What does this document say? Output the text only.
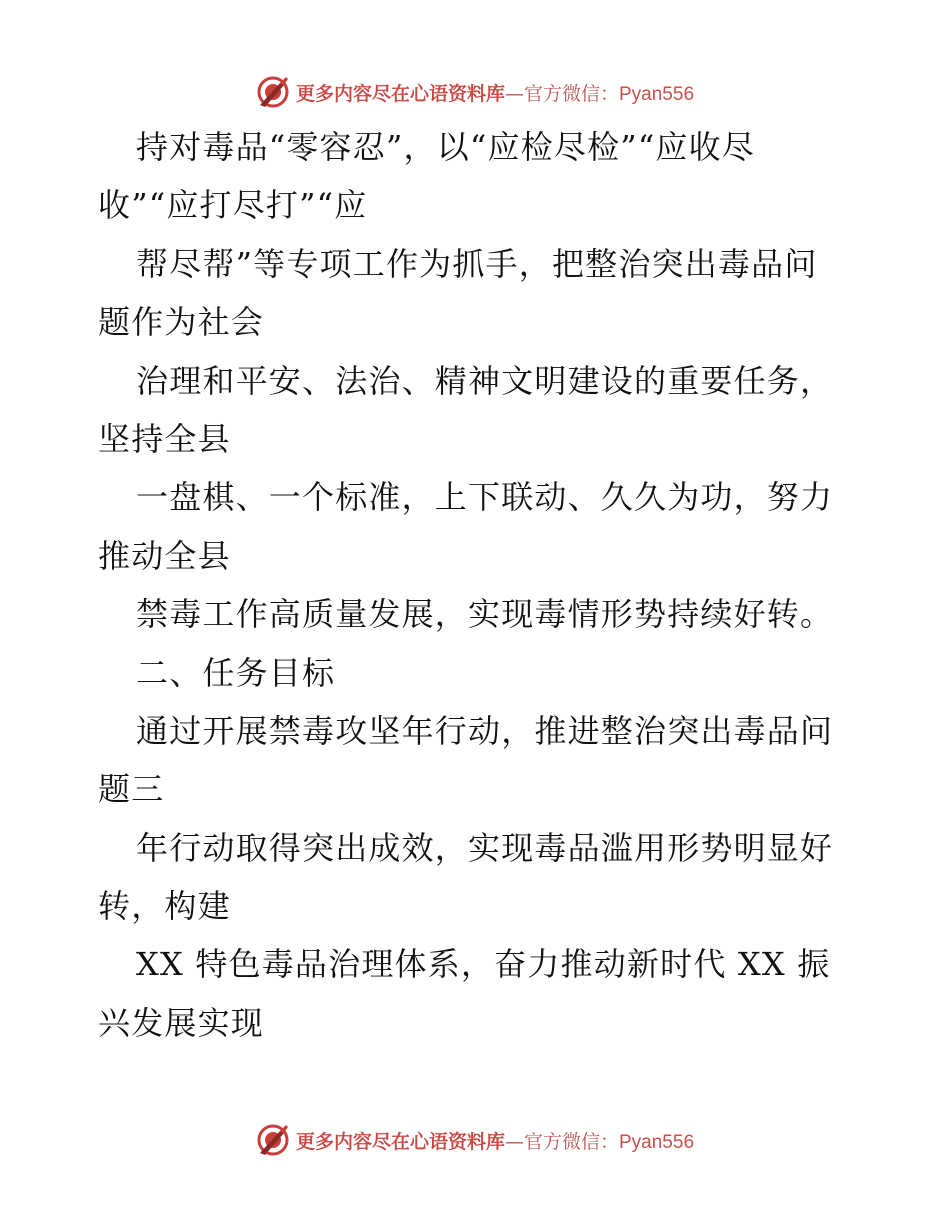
更多内容尽在心语资料库—官方微信：Pyan556
持对毒品“零容忍”，以“应检尽检”“应收尽
收”“应打尽打”“应
帮尽帮”等专项工作为抓手，把整治突出毒品问
题作为社会
治理和平安、法治、精神文明建设的重要任务，
坚持全县
一盘棋、一个标准，上下联动、久久为功，努力
推动全县
禁毒工作高质量发展，实现毒情形势持续好转。
二、任务目标
通过开展禁毒攻坚年行动，推进整治突出毒品问
题三
年行动取得突出成效，实现毒品滥用形势明显好
转，构建
XX 特色毒品治理体系，奋力推动新时代 XX 振
兴发展实现
更多内容尽在心语资料库—官方微信：Pyan556
